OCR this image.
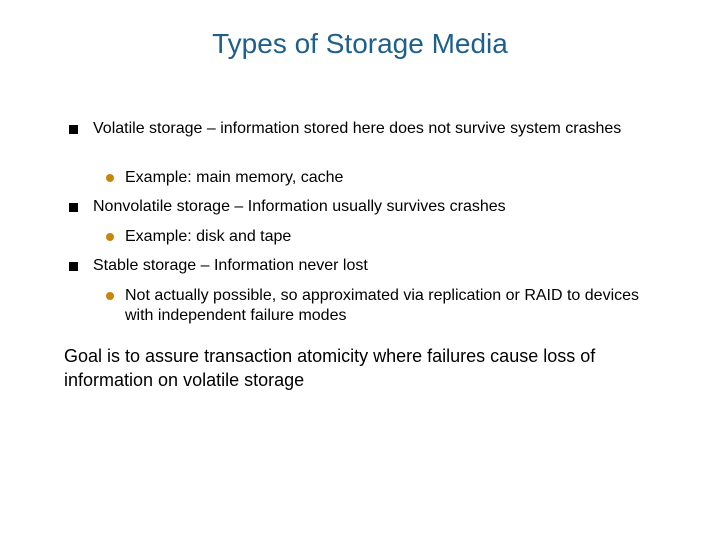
Types of Storage Media
Volatile storage – information stored here does not survive system crashes
Example: main memory, cache
Nonvolatile storage – Information usually survives crashes
Example: disk and tape
Stable storage – Information never lost
Not actually possible, so approximated via replication or RAID to devices with independent failure modes
Goal is to assure transaction atomicity where failures cause loss of information on volatile storage
